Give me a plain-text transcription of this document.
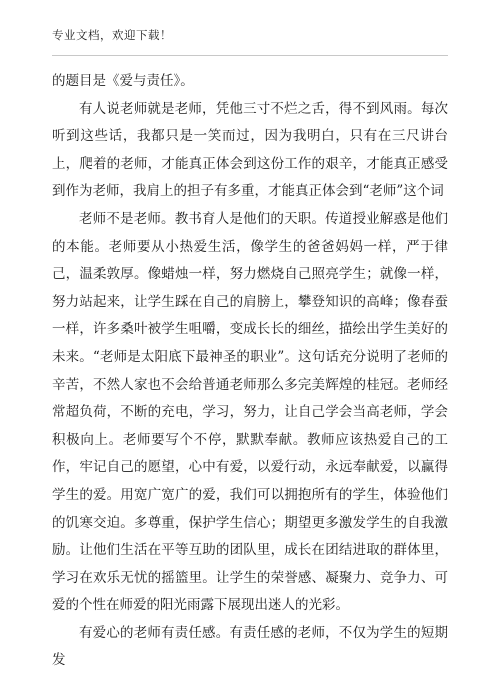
专业文档，欢迎下载！

的题目是《爱与责任》。

有人说老师就是老师，凭他三寸不烂之舌，得不到风雨。每次听到这些话，我都只是一笑而过，因为我明白，只有在三尺讲台上，爬着的老师，才能真正体会到这份工作的艰辛，才能真正感受到作为老师，我肩上的担子有多重，才能真正体会到“老师”这个词

老师不是老师。教书育人是他们的天职。传道授业解惑是他们的本能。老师要从小热爱生活，像学生的爸爸妈妈一样，严于律己，温柔敦厚。像蜡烛一样，努力燃烧自己照亮学生；就像一样，努力站起来，让学生踩在自己的肩膀上，攀登知识的高峰；像春蚕一样，许多桑叶被学生咀嚼，变成长长的细丝，描绘出学生美好的未来。“老师是太阳底下最神圣的职业”。这句话充分说明了老师的辛苦，不然人家也不会给普通老师那么多完美辉煌的桂冠。老师经常超负荷，不断的充电，学习，努力，让自己学会当高老师，学会积极向上。老师要写个不停，默默奉献。教师应该热爱自己的工作，牢记自己的愿望，心中有爱，以爱行动，永远奉献爱，以赢得学生的爱。用宽广宽广的爱，我们可以拥抱所有的学生，体验他们的饥寒交迫。多尊重，保护学生信心；期望更多激发学生的自我激励。让他们生活在平等互助的团队里，成长在团结进取的群体里，学习在欢乐无忧的摇篮里。让学生的荣誉感、凝聚力、竞争力、可爱的个性在师爱的阳光雨露下展现出迷人的光彩。

有爱心的老师有责任感。有责任感的老师，不仅为学生的短期发
